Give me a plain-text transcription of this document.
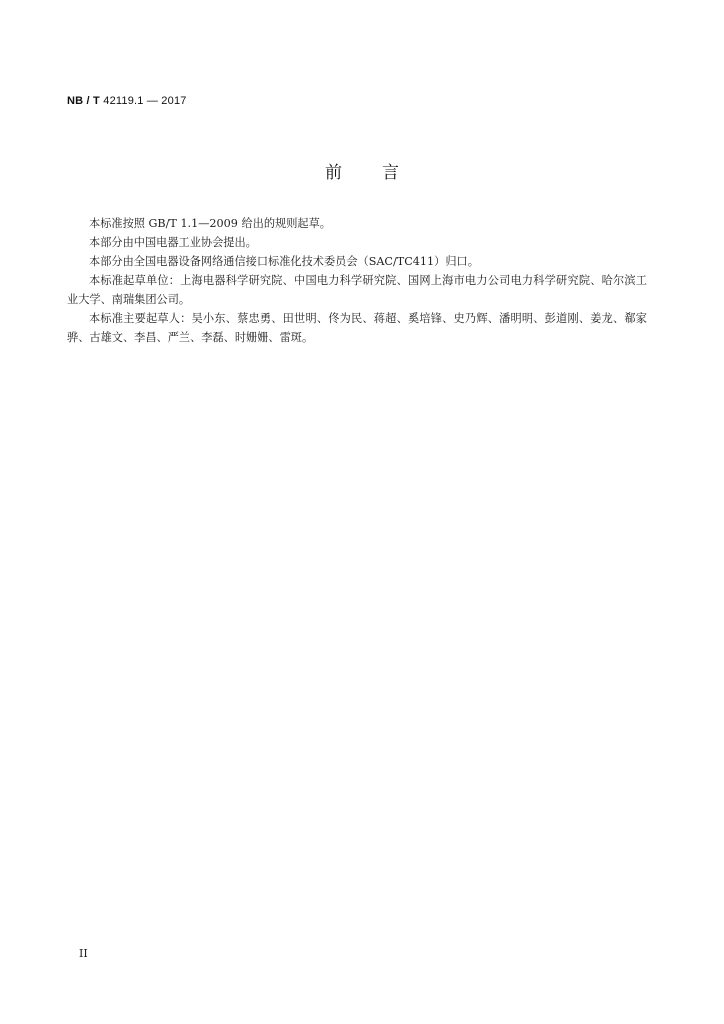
NB / T 42119.1 — 2017
前 言

本标准按照 GB/T 1.1—2009 给出的规则起草。

本部分由中国电器工业协会提出。

本部分由全国电器设备网络通信接口标准化技术委员会（SAC/TC411）归口。

本标准起草单位：上海电器科学研究院、中国电力科学研究院、国网上海市电力公司电力科学研究院、哈尔滨工业大学、南瑞集团公司。

本标准主要起草人：吴小东、蔡忠勇、田世明、佟为民、蒋超、奚培锋、史乃辉、潘明明、彭道刚、姜龙、郗家骅、古雄文、李昌、严兰、李磊、时姗姗、雷斑。

II
